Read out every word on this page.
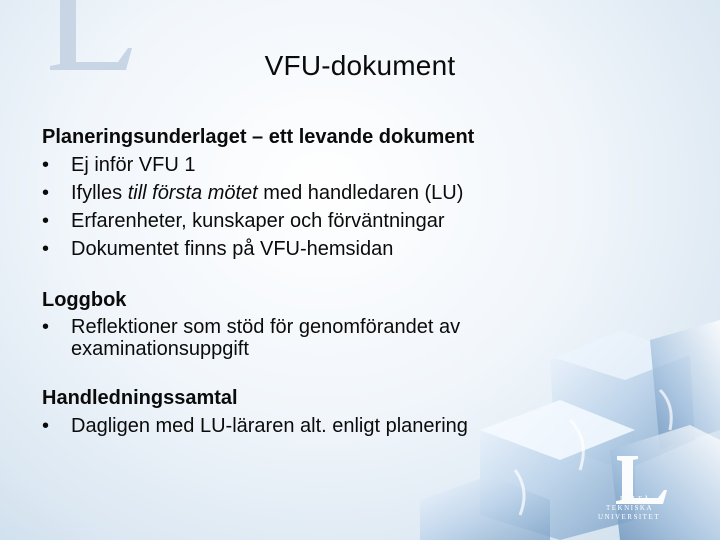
VFU-dokument

Planeringsunderlaget – ett levande dokument

• Ej inför VFU 1
• Ifylles till första mötet med handledaren (LU)
• Erfarenheter, kunskaper och förväntningar
• Dokumentet finns på VFU-hemsidan

Loggbok

• Reflektioner som stöd för genomförandet av examinationsuppgift

Handledningssamtal

• Dagligen med LU-läraren alt. enligt planering
LULEÅ
TEKNISKA
UNIVERSITET
